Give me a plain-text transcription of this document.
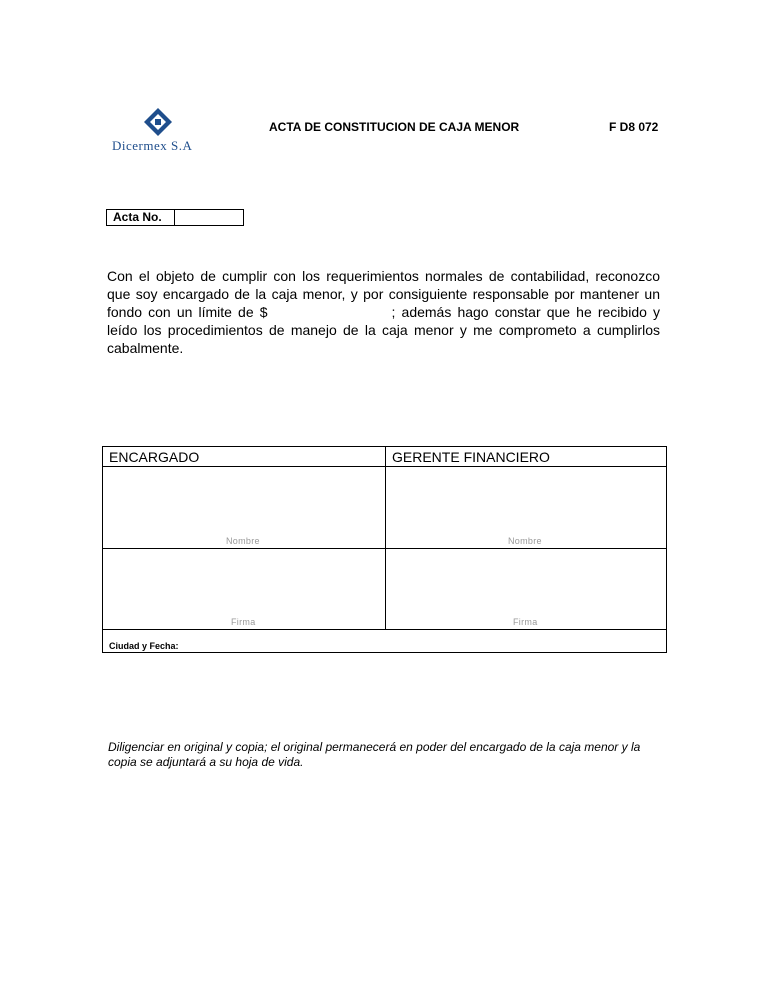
Dicermex S.A
ACTA DE CONSTITUCION DE CAJA MENOR	F D8 072
Acta No.
Con el objeto de cumplir con los requerimientos normales de contabilidad, reconozco que soy encargado de la caja menor, y por consiguiente responsable por mantener un fondo con un límite de $	; además hago constar que he recibido y leído los procedimientos de manejo de la caja menor y me comprometo a cumplirlos cabalmente.
ENCARGADO	GERENTE FINANCIERO
Nombre	Nombre
Firma	Firma
Ciudad y Fecha:
Diligenciar en original y copia; el original permanecerá en poder del encargado de la caja menor y la copia se adjuntará a su hoja de vida.
